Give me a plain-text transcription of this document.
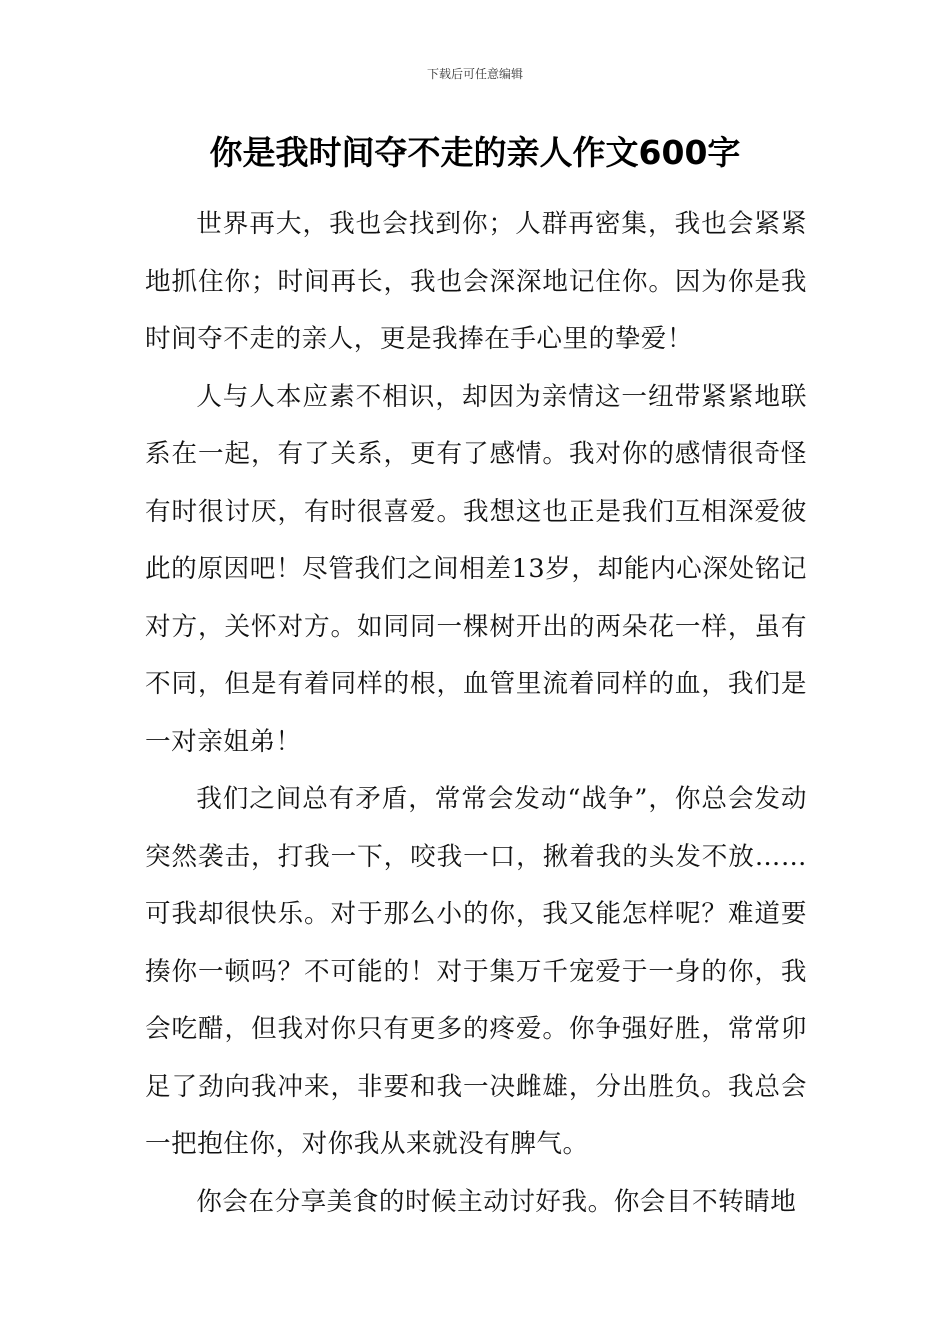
下载后可任意编辑
你是我时间夺不走的亲人作文600字

世界再大，我也会找到你；人群再密集，我也会紧紧地抓住你；时间再长，我也会深深地记住你。因为你是我时间夺不走的亲人，更是我捧在手心里的挚爱！

人与人本应素不相识，却因为亲情这一纽带紧紧地联系在一起，有了关系，更有了感情。我对你的感情很奇怪有时很讨厌，有时很喜爱。我想这也正是我们互相深爱彼此的原因吧！尽管我们之间相差13岁，却能内心深处铭记对方，关怀对方。如同同一棵树开出的两朵花一样，虽有不同，但是有着同样的根，血管里流着同样的血，我们是一对亲姐弟！

我们之间总有矛盾，常常会发动“战争”，你总会发动突然袭击，打我一下，咬我一口，揪着我的头发不放……可我却很快乐。对于那么小的你，我又能怎样呢？难道要揍你一顿吗？不可能的！对于集万千宠爱于一身的你，我会吃醋，但我对你只有更多的疼爱。你争强好胜，常常卯足了劲向我冲来，非要和我一决雌雄，分出胜负。我总会一把抱住你，对你我从来就没有脾气。

你会在分享美食的时候主动讨好我。你会目不转睛地
